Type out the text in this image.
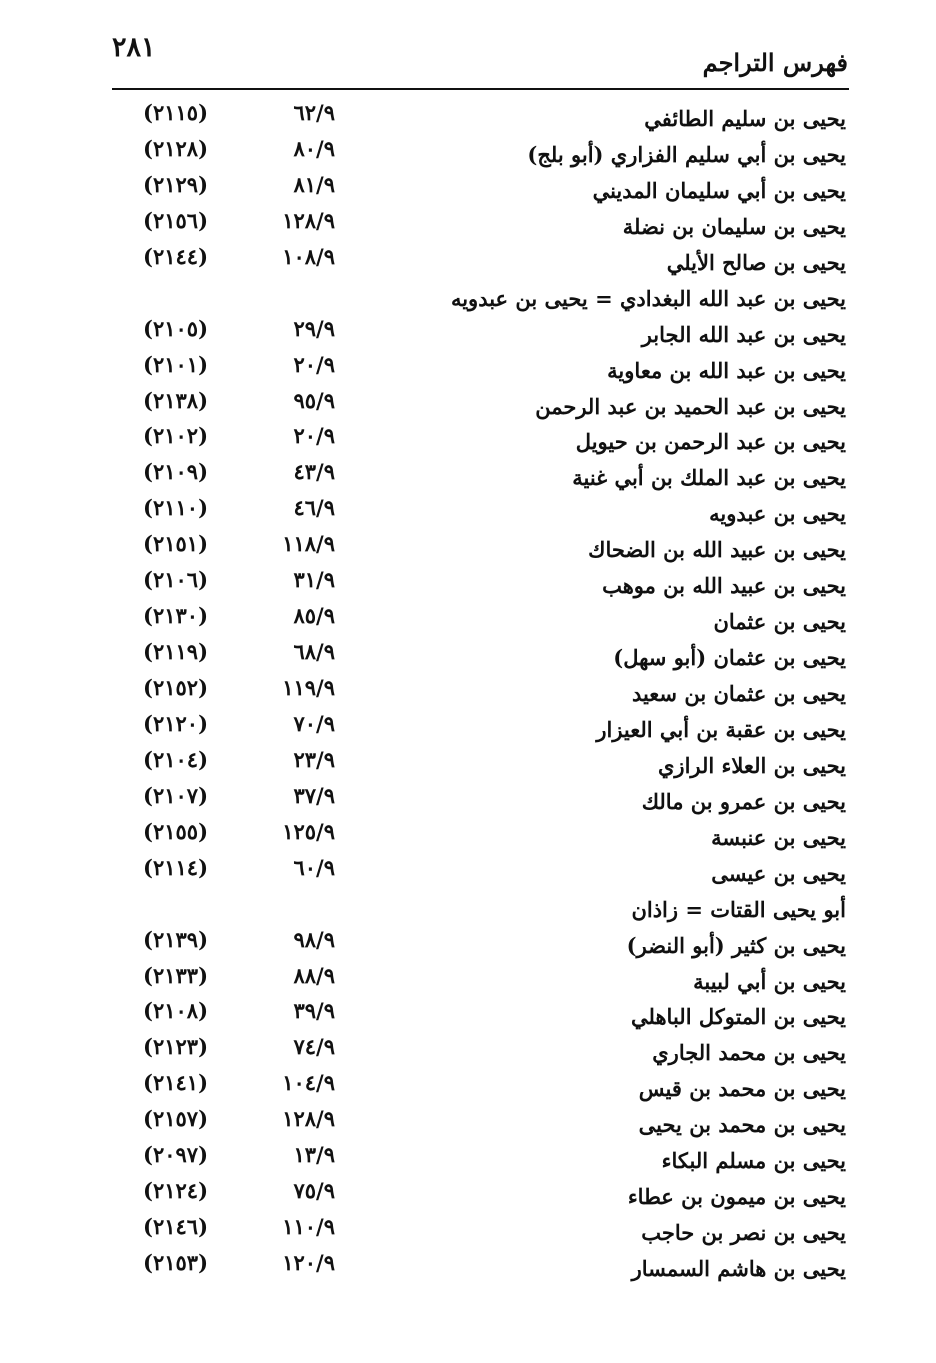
٢٨١	فهرس التراجم
يحيى بن سليم الطائفي
٦٢/٩
(٢١١٥)
يحيى بن أبي سليم الفزاري (أبو بلج)
٨٠/٩
(٢١٢٨)
يحيى بن أبي سليمان المديني
٨١/٩
(٢١٢٩)
يحيى بن سليمان بن نضلة
١٢٨/٩
(٢١٥٦)
يحيى بن صالح الأيلي
١٠٨/٩
(٢١٤٤)
يحيى بن عبد الله البغدادي = يحيى بن عبدويه
يحيى بن عبد الله الجابر
٢٩/٩
(٢١٠٥)
يحيى بن عبد الله بن معاوية
٢٠/٩
(٢١٠١)
يحيى بن عبد الحميد بن عبد الرحمن
٩٥/٩
(٢١٣٨)
يحيى بن عبد الرحمن بن حيويل
٢٠/٩
(٢١٠٢)
يحيى بن عبد الملك بن أبي غنية
٤٣/٩
(٢١٠٩)
يحيى بن عبدويه
٤٦/٩
(٢١١٠)
يحيى بن عبيد الله بن الضحاك
١١٨/٩
(٢١٥١)
يحيى بن عبيد الله بن موهب
٣١/٩
(٢١٠٦)
يحيى بن عثمان
٨٥/٩
(٢١٣٠)
يحيى بن عثمان (أبو سهل)
٦٨/٩
(٢١١٩)
يحيى بن عثمان بن سعيد
١١٩/٩
(٢١٥٢)
يحيى بن عقبة بن أبي العيزار
٧٠/٩
(٢١٢٠)
يحيى بن العلاء الرازي
٢٣/٩
(٢١٠٤)
يحيى بن عمرو بن مالك
٣٧/٩
(٢١٠٧)
يحيى بن عنبسة
١٢٥/٩
(٢١٥٥)
يحيى بن عيسى
٦٠/٩
(٢١١٤)
أبو يحيى القتات = زاذان
يحيى بن كثير (أبو النضر)
٩٨/٩
(٢١٣٩)
يحيى بن أبي لبيبة
٨٨/٩
(٢١٣٣)
يحيى بن المتوكل الباهلي
٣٩/٩
(٢١٠٨)
يحيى بن محمد الجاري
٧٤/٩
(٢١٢٣)
يحيى بن محمد بن قيس
١٠٤/٩
(٢١٤١)
يحيى بن محمد بن يحيى
١٢٨/٩
(٢١٥٧)
يحيى بن مسلم البكاء
١٣/٩
(٢٠٩٧)
يحيى بن ميمون بن عطاء
٧٥/٩
(٢١٢٤)
يحيى بن نصر بن حاجب
١١٠/٩
(٢١٤٦)
يحيى بن هاشم السمسار
١٢٠/٩
(٢١٥٣)
